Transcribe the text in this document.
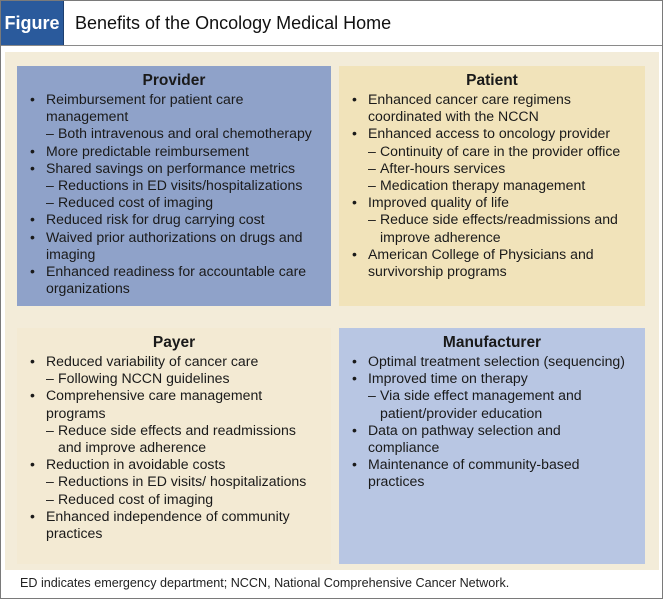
Figure Benefits of the Oncology Medical Home
Provider
• Reimbursement for patient care management
– Both intravenous and oral chemotherapy
• More predictable reimbursement
• Shared savings on performance metrics
– Reductions in ED visits/hospitalizations
– Reduced cost of imaging
• Reduced risk for drug carrying cost
• Waived prior authorizations on drugs and imaging
• Enhanced readiness for accountable care organizations
Patient
• Enhanced cancer care regimens coordinated with the NCCN
• Enhanced access to oncology provider
– Continuity of care in the provider office
– After-hours services
– Medication therapy management
• Improved quality of life
– Reduce side effects/readmissions and improve adherence
• American College of Physicians and survivorship programs
Payer
• Reduced variability of cancer care
– Following NCCN guidelines
• Comprehensive care management programs
– Reduce side effects and readmissions and improve adherence
• Reduction in avoidable costs
– Reductions in ED visits/ hospitalizations
– Reduced cost of imaging
• Enhanced independence of community practices
Manufacturer
• Optimal treatment selection (sequencing)
• Improved time on therapy
– Via side effect management and patient/provider education
• Data on pathway selection and compliance
• Maintenance of community-based practices
ED indicates emergency department; NCCN, National Comprehensive Cancer Network.
